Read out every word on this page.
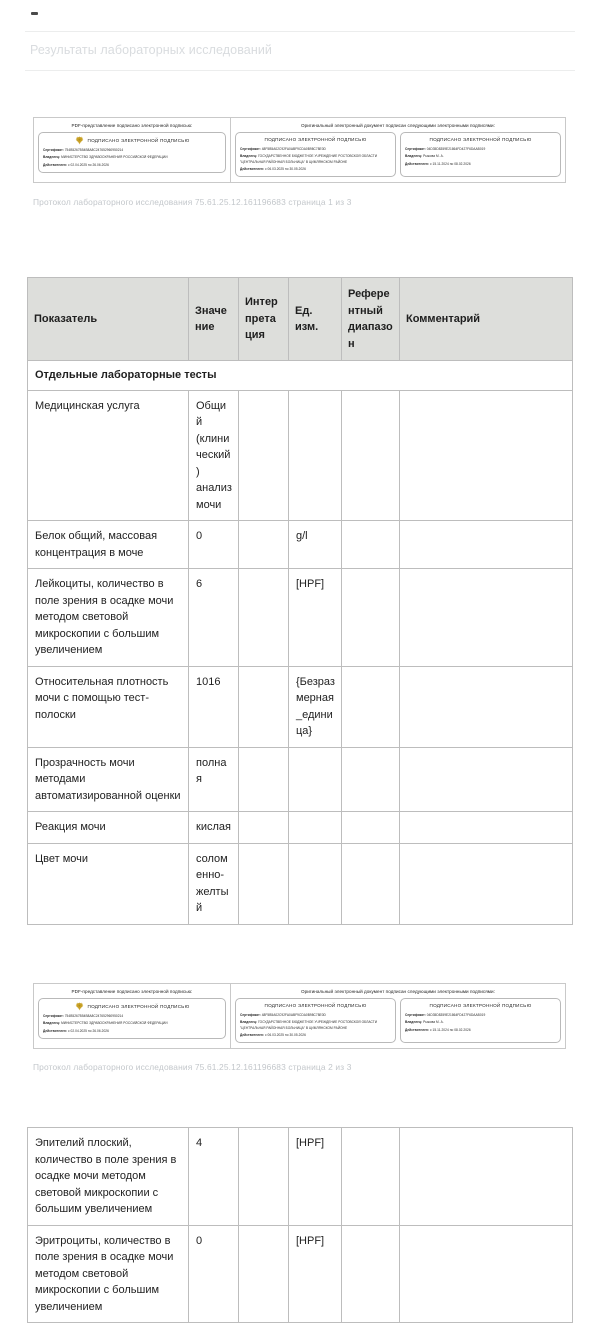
Результаты лабораторных исследований
PDF-представление подписано электронной подписью:
ПОДПИСАНО ЭЛЕКТРОННОЙ ПОДПИСЬЮ
Сертификат: 754B5267B54B8A8C247652960950214
Владелец: МИНИСТЕРСТВО ЗДРАВООХРАНЕНИЯ РОССИЙСКОЙ ФЕДЕРАЦИИ
Действителен: с 02.04.2025 по 26.06.2026
Оригинальный электронный документ подписан следующими электронными подписями:
ПОДПИСАНО ЭЛЕКТРОННОЙ ПОДПИСЬЮ
Сертификат: 48F5B5A02C92FA0ABF9CDA0B98C78E0D
Владелец: ГОСУДАРСТВЕННОЕ БЮДЖЕТНОЕ УЧРЕЖДЕНИЕ РОСТОВСКОЙ ОБЛАСТИ "ЦЕНТРАЛЬНАЯ РАЙОННАЯ БОЛЬНИЦА" В ЦИМЛЯНСКОМ РАЙОНЕ
Действителен: с 06.03.2025 по 30.05.2026
ПОДПИСАНО ЭЛЕКТРОННОЙ ПОДПИСЬЮ
Сертификат: 04D35D8359E21864FD427F6DAAB019
Владелец: Рыжова М. А.
Действителен: с 15.11.2024 по 08.02.2026
Протокол лабораторного исследования 75.61.25.12.161196683 страница 1 из 3
Показатель	Значение	Интерпретация	Ед. изм.	Референтный диапазон	Комментарий
Отдельные лабораторные тесты					
Медицинская услуга	Общий (клинический) анализ мочи				
Белок общий, массовая концентрация в моче	0		g/l		
Лейкоциты, количество в поле зрения в осадке мочи методом световой микроскопии с большим увеличением	6		[HPF]		
Относительная плотность мочи с помощью тест-полоски	1016		{Безразмерная_единица}		
Прозрачность мочи методами автоматизированной оценки	полная				
Реакция мочи	кислая				
Цвет мочи	соломенно-желтый				
PDF-представление подписано электронной подписью:
ПОДПИСАНО ЭЛЕКТРОННОЙ ПОДПИСЬЮ
Сертификат: 754B5267B54B8A8C247652960950214
Владелец: МИНИСТЕРСТВО ЗДРАВООХРАНЕНИЯ РОССИЙСКОЙ ФЕДЕРАЦИИ
Действителен: с 02.04.2025 по 26.06.2026
Оригинальный электронный документ подписан следующими электронными подписями:
ПОДПИСАНО ЭЛЕКТРОННОЙ ПОДПИСЬЮ
Сертификат: 48F5B5A02C92FA0ABF9CDA0B98C78E0D
Владелец: ГОСУДАРСТВЕННОЕ БЮДЖЕТНОЕ УЧРЕЖДЕНИЕ РОСТОВСКОЙ ОБЛАСТИ "ЦЕНТРАЛЬНАЯ РАЙОННАЯ БОЛЬНИЦА" В ЦИМЛЯНСКОМ РАЙОНЕ
Действителен: с 06.03.2025 по 30.05.2026
ПОДПИСАНО ЭЛЕКТРОННОЙ ПОДПИСЬЮ
Сертификат: 04D35D8359E21864FD427F6DAAB019
Владелец: Рыжова М. А.
Действителен: с 15.11.2024 по 08.02.2026
Протокол лабораторного исследования 75.61.25.12.161196683 страница 2 из 3
Эпителий плоский, количество в поле зрения в осадке мочи методом световой микроскопии с большим увеличением	4		[HPF]		
Эритроциты, количество в поле зрения в осадке мочи методом световой микроскопии с большим увеличением	0		[HPF]		
